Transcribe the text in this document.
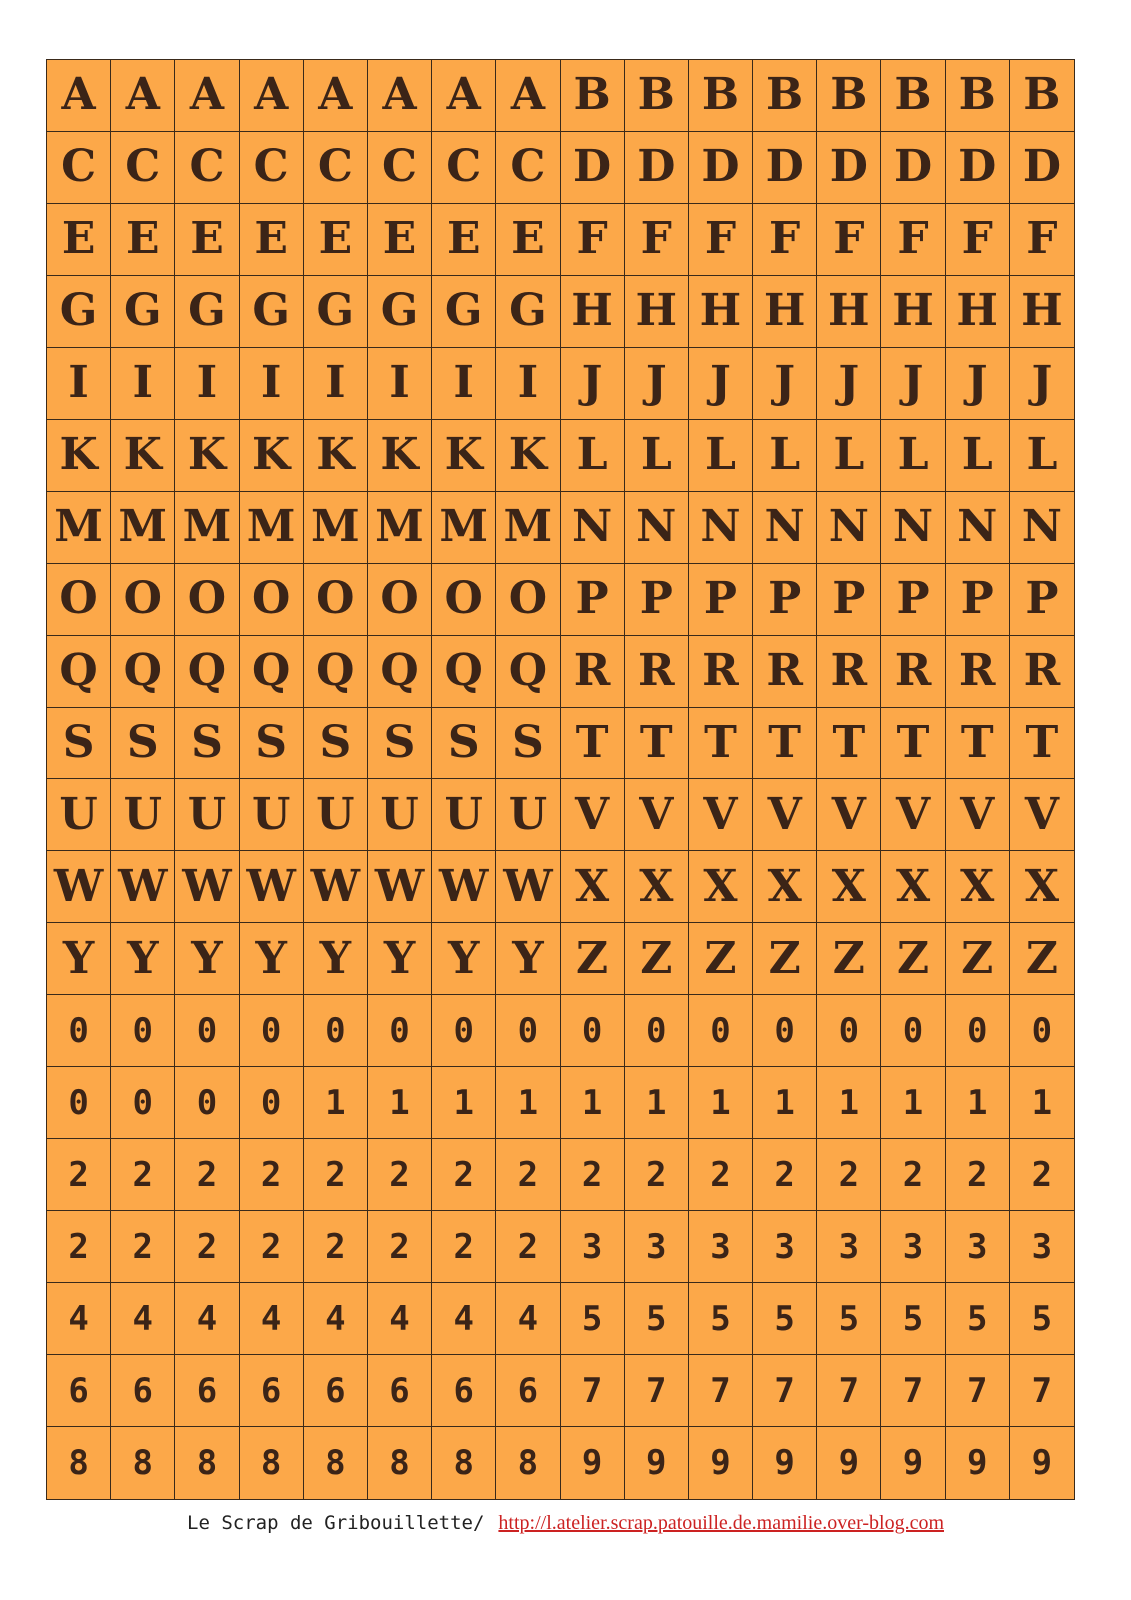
A A A A A A A A B B B B B B B B
C C C C C C C C D D D D D D D D
E E E E E E E E F F F F F F F F
G G G G G G G G H H H H H H H H
I I I I I I I I J J J J J J J J
K K K K K K K K L L L L L L L L
M M M M M M M M N N N N N N N N
O O O O O O O O P P P P P P P P
Q Q Q Q Q Q Q Q R R R R R R R R
S S S S S S S S T T T T T T T T
U U U U U U U U V V V V V V V V
W W W W W W W W X X X X X X X X
Y Y Y Y Y Y Y Y Z Z Z Z Z Z Z Z
0	0	0	0	0	0	0	0	0	0	0	0	0	0	0	0
0	0	0	0	1	1	1	1	1	1	1	1	1	1	1	1
2	2	2	2	2	2	2	2	2	2	2	2	2	2	2	2
2	2	2	2	2	2	2	2	3	3	3	3	3	3	3	3
4	4	4	4	4	4	4	4	5	5	5	5	5	5	5	5
6	6	6	6	6	6	6	6	7	7	7	7	7	7	7	7
8	8	8	8	8	8	8	8	9	9	9	9	9	9	9	9
Le Scrap de Gribouillette/ http://l.atelier.scrap.patouille.de.mamilie.over-blog.com
